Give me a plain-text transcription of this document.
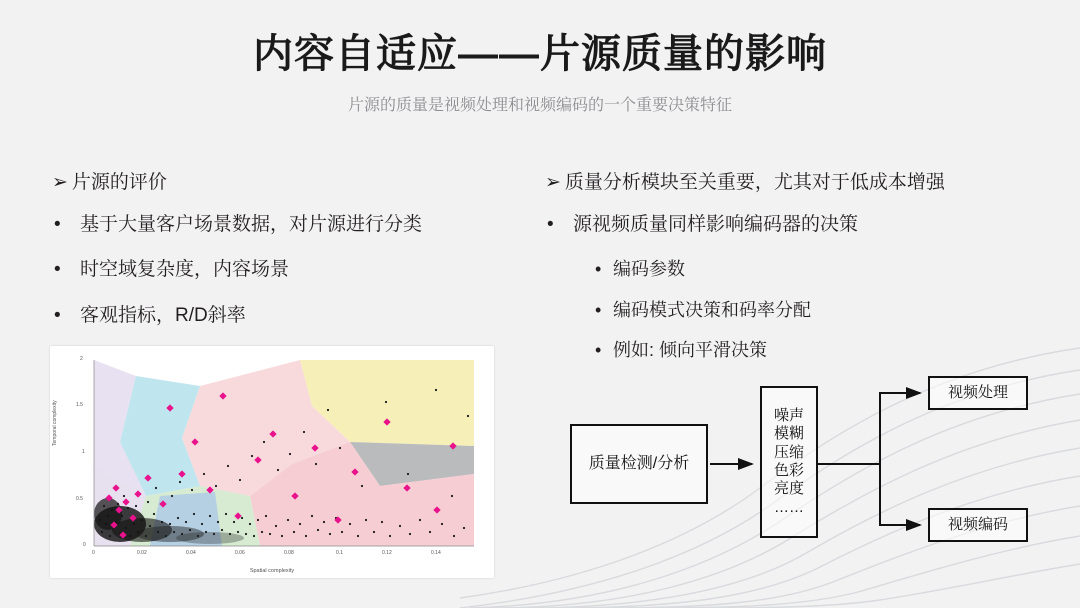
内容自适应——片源质量的影响
片源的质量是视频处理和视频编码的一个重要决策特征
➢ 片源的评价
• 基于大量客户场景数据，对片源进行分类
• 时空域复杂度，内容场景
• 客观指标，R/D斜率
➢ 质量分析模块至关重要，尤其对于低成本增强
• 源视频质量同样影响编码器的决策
• 编码参数
• 编码模式决策和码率分配
• 例如: 倾向平滑决策
2
1.5
1
0.5
0
0	0.02	0.04	0.06	0.08	0.1	0.12	0.14
Temporal complexity
Spatial complexity
质量检测/分析
噪声
模糊
压缩
色彩
亮度
……
视频处理
视频编码
